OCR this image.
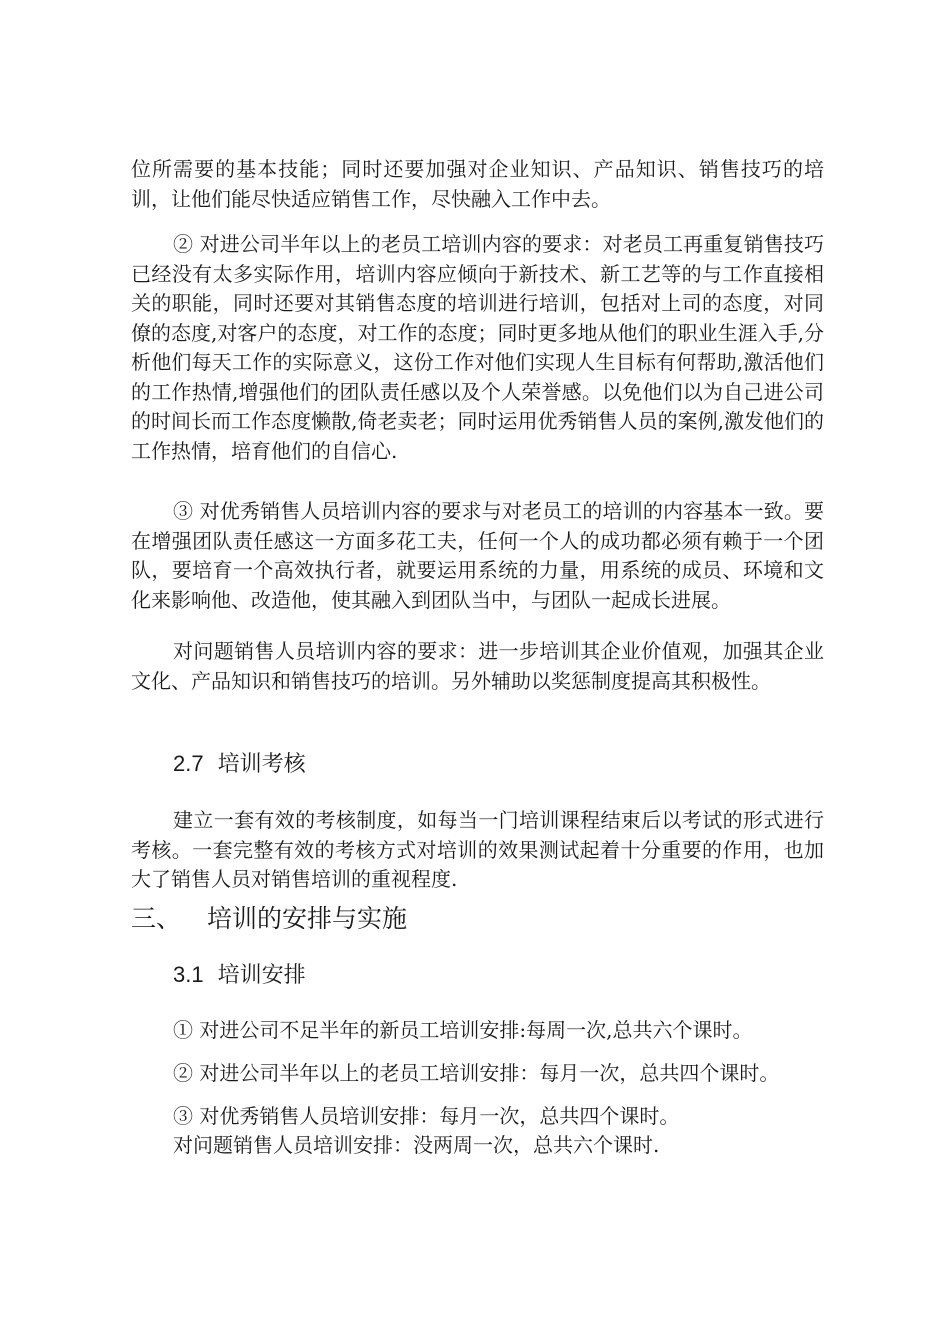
位所需要的基本技能；同时还要加强对企业知识、产品知识、销售技巧的培训，让他们能尽快适应销售工作，尽快融入工作中去。

② 对进公司半年以上的老员工培训内容的要求：对老员工再重复销售技巧已经没有太多实际作用，培训内容应倾向于新技术、新工艺等的与工作直接相关的职能，同时还要对其销售态度的培训进行培训，包括对上司的态度，对同僚的态度,对客户的态度，对工作的态度；同时更多地从他们的职业生涯入手,分析他们每天工作的实际意义，这份工作对他们实现人生目标有何帮助,激活他们的工作热情,增强他们的团队责任感以及个人荣誉感。以免他们以为自己进公司的时间长而工作态度懒散,倚老卖老；同时运用优秀销售人员的案例,激发他们的工作热情，培育他们的自信心.

③ 对优秀销售人员培训内容的要求与对老员工的培训的内容基本一致。要在增强团队责任感这一方面多花工夫，任何一个人的成功都必须有赖于一个团队，要培育一个高效执行者，就要运用系统的力量，用系统的成员、环境和文化来影响他、改造他，使其融入到团队当中，与团队一起成长进展。

对问题销售人员培训内容的要求：进一步培训其企业价值观，加强其企业文化、产品知识和销售技巧的培训。另外辅助以奖惩制度提高其积极性。

2.7 培训考核

建立一套有效的考核制度，如每当一门培训课程结束后以考试的形式进行考核。一套完整有效的考核方式对培训的效果测试起着十分重要的作用，也加大了销售人员对销售培训的重视程度.

三、 培训的安排与实施
3.1 培训安排
① 对进公司不足半年的新员工培训安排:每周一次,总共六个课时。
② 对进公司半年以上的老员工培训安排：每月一次，总共四个课时。
③ 对优秀销售人员培训安排：每月一次，总共四个课时。
对问题销售人员培训安排：没两周一次，总共六个课时.
